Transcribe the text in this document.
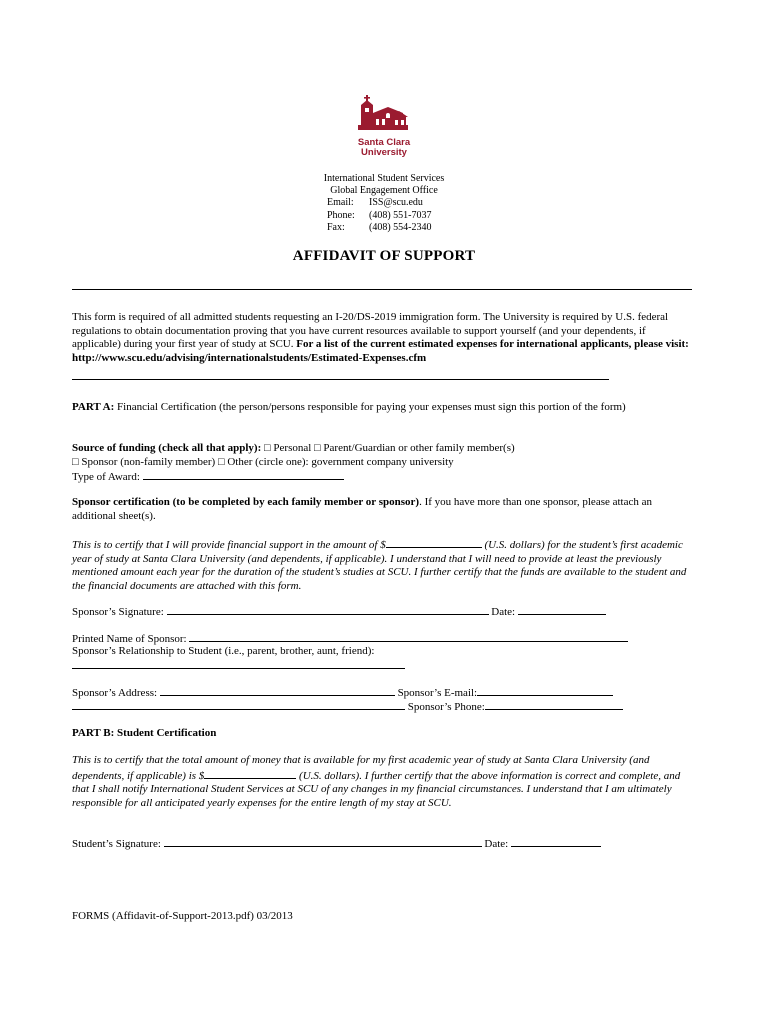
Santa Clara
University
International Student Services
Global Engagement Office
Email:	ISS@scu.edu
Phone:	(408) 551-7037
Fax:	(408) 554-2340
AFFIDAVIT OF SUPPORT
This form is required of all admitted students requesting an I-20/DS-2019 immigration form. The University is required by U.S. federal regulations to obtain documentation proving that you have current resources available to support yourself (and your dependents, if applicable) during your first year of study at SCU. For a list of the current estimated expenses for international applicants, please visit: http://www.scu.edu/advising/internationalstudents/Estimated-Expenses.cfm
PART A: Financial Certification (the person/persons responsible for paying your expenses must sign this portion of the form)
Source of funding (check all that apply): □ Personal □ Parent/Guardian or other family member(s)
□ Sponsor (non-family member) □ Other (circle one): government company university
Type of Award:
Sponsor certification (to be completed by each family member or sponsor). If you have more than one sponsor, please attach an additional sheet(s).
This is to certify that I will provide financial support in the amount of $	(U.S. dollars) for the student’s first academic year of study at Santa Clara University (and dependents, if applicable). I understand that I will need to provide at least the previously mentioned amount each year for the duration of the student’s studies at SCU. I further certify that the funds are available to the student and the financial documents are attached with this form.
Sponsor’s Signature:	Date:
Printed Name of Sponsor:
Sponsor’s Relationship to Student (i.e., parent, brother, aunt, friend):
Sponsor’s Address:	Sponsor’s E-mail:
Sponsor’s Phone:
PART B: Student Certification
This is to certify that the total amount of money that is available for my first academic year of study at Santa Clara University (and dependents, if applicable) is $	(U.S. dollars). I further certify that the above information is correct and complete, and that I shall notify International Student Services at SCU of any changes in my financial circumstances. I understand that I am ultimately responsible for all anticipated yearly expenses for the entire length of my stay at SCU.
Student’s Signature:	Date:
FORMS (Affidavit-of-Support-2013.pdf) 03/2013
